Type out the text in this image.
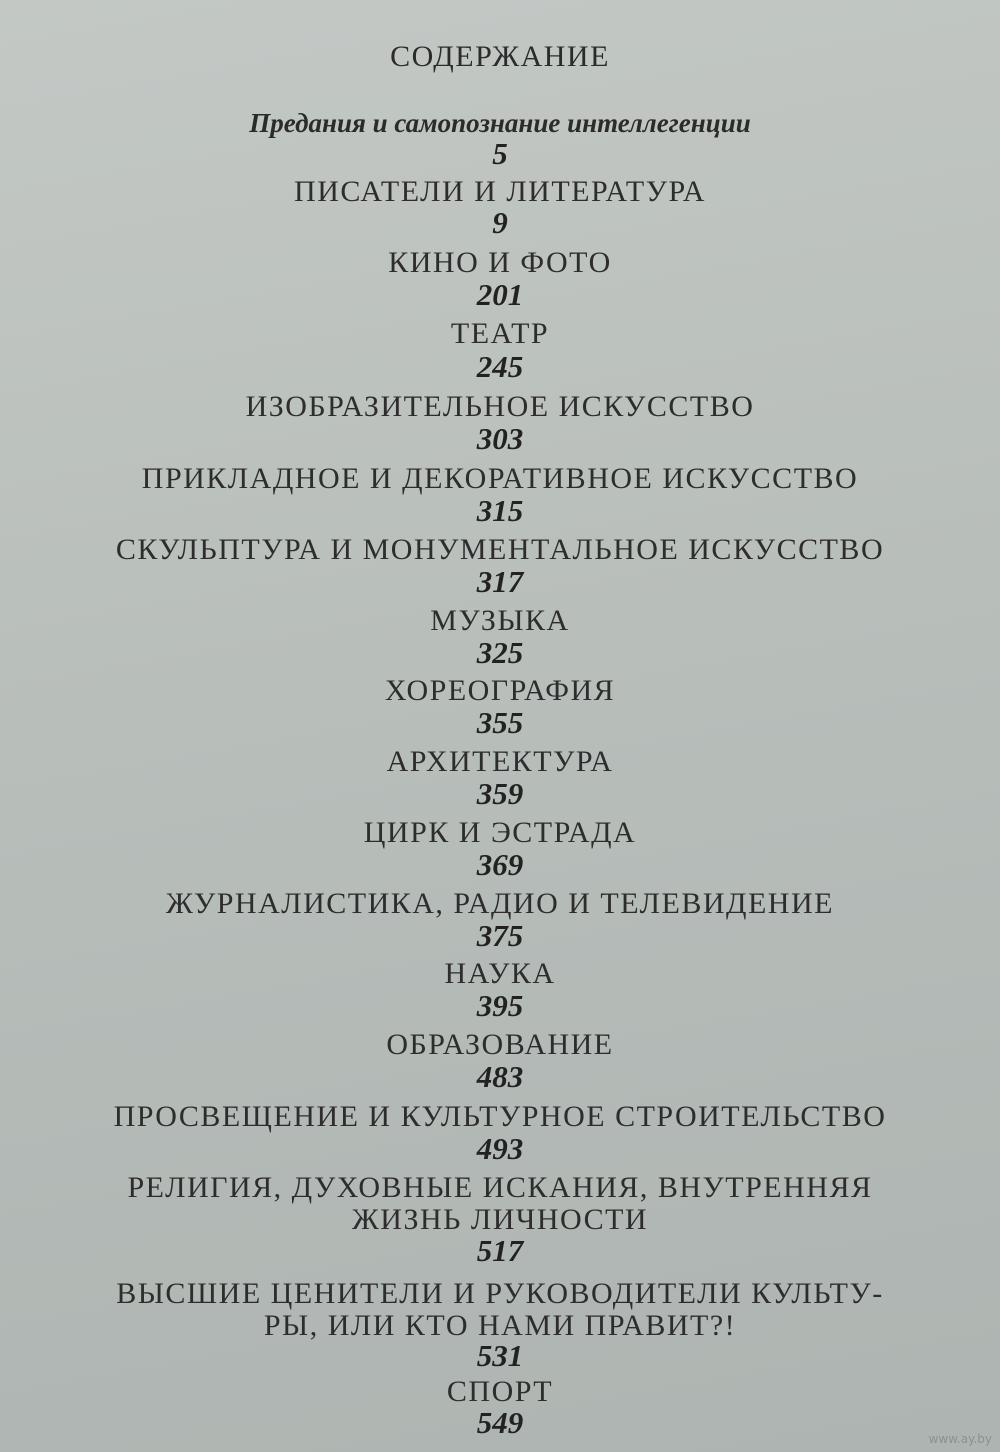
СОДЕРЖАНИЕ
Предания и самопознание интеллегенции
5
ПИСАТЕЛИ И ЛИТЕРАТУРА
9
КИНО И ФОТО
201
ТЕАТР
245
ИЗОБРАЗИТЕЛЬНОЕ ИСКУССТВО
303
ПРИКЛАДНОЕ И ДЕКОРАТИВНОЕ ИСКУССТВО
315
СКУЛЬПТУРА И МОНУМЕНТАЛЬНОЕ ИСКУССТВО
317
МУЗЫКА
325
ХОРЕОГРАФИЯ
355
АРХИТЕКТУРА
359
ЦИРК И ЭСТРАДА
369
ЖУРНАЛИСТИКА, РАДИО И ТЕЛЕВИДЕНИЕ
375
НАУКА
395
ОБРАЗОВАНИЕ
483
ПРОСВЕЩЕНИЕ И КУЛЬТУРНОЕ СТРОИТЕЛЬСТВО
493
РЕЛИГИЯ, ДУХОВНЫЕ ИСКАНИЯ, ВНУТРЕННЯЯ
ЖИЗНЬ ЛИЧНОСТИ
517
ВЫСШИЕ ЦЕНИТЕЛИ И РУКОВОДИТЕЛИ КУЛЬТУ-
РЫ, ИЛИ КТО НАМИ ПРАВИТ?!
531
СПОРТ
549	www.ay.by
